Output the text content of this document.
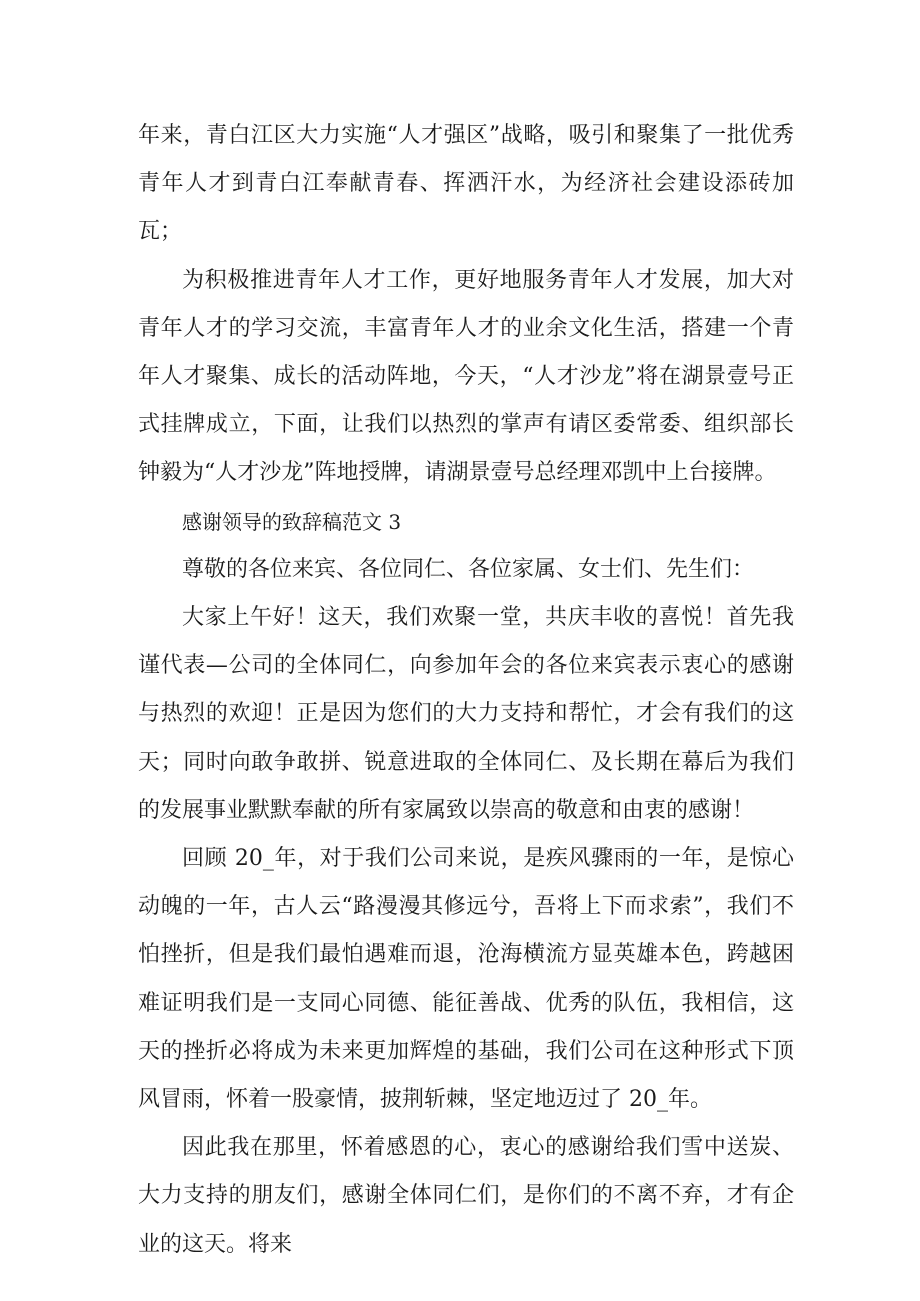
年来，青白江区大力实施“人才强区”战略，吸引和聚集了一批优秀青年人才到青白江奉献青春、挥洒汗水，为经济社会建设添砖加瓦；

为积极推进青年人才工作，更好地服务青年人才发展，加大对青年人才的学习交流，丰富青年人才的业余文化生活，搭建一个青年人才聚集、成长的活动阵地，今天，“人才沙龙”将在湖景壹号正式挂牌成立，下面，让我们以热烈的掌声有请区委常委、组织部长钟毅为“人才沙龙”阵地授牌，请湖景壹号总经理邓凯中上台接牌。

感谢领导的致辞稿范文 3

尊敬的各位来宾、各位同仁、各位家属、女士们、先生们：

大家上午好！这天，我们欢聚一堂，共庆丰收的喜悦！首先我谨代表—公司的全体同仁，向参加年会的各位来宾表示衷心的感谢与热烈的欢迎！正是因为您们的大力支持和帮忙，才会有我们的这天；同时向敢争敢拼、锐意进取的全体同仁、及长期在幕后为我们的发展事业默默奉献的所有家属致以崇高的敬意和由衷的感谢！

回顾 20_年，对于我们公司来说，是疾风骤雨的一年，是惊心动魄的一年，古人云“路漫漫其修远兮，吾将上下而求索”，我们不怕挫折，但是我们最怕遇难而退，沧海横流方显英雄本色，跨越困难证明我们是一支同心同德、能征善战、优秀的队伍，我相信，这天的挫折必将成为未来更加辉煌的基础，我们公司在这种形式下顶风冒雨，怀着一股豪情，披荆斩棘，坚定地迈过了 20_年。

因此我在那里，怀着感恩的心，衷心的感谢给我们雪中送炭、大力支持的朋友们，感谢全体同仁们，是你们的不离不弃，才有企业的这天。将来
